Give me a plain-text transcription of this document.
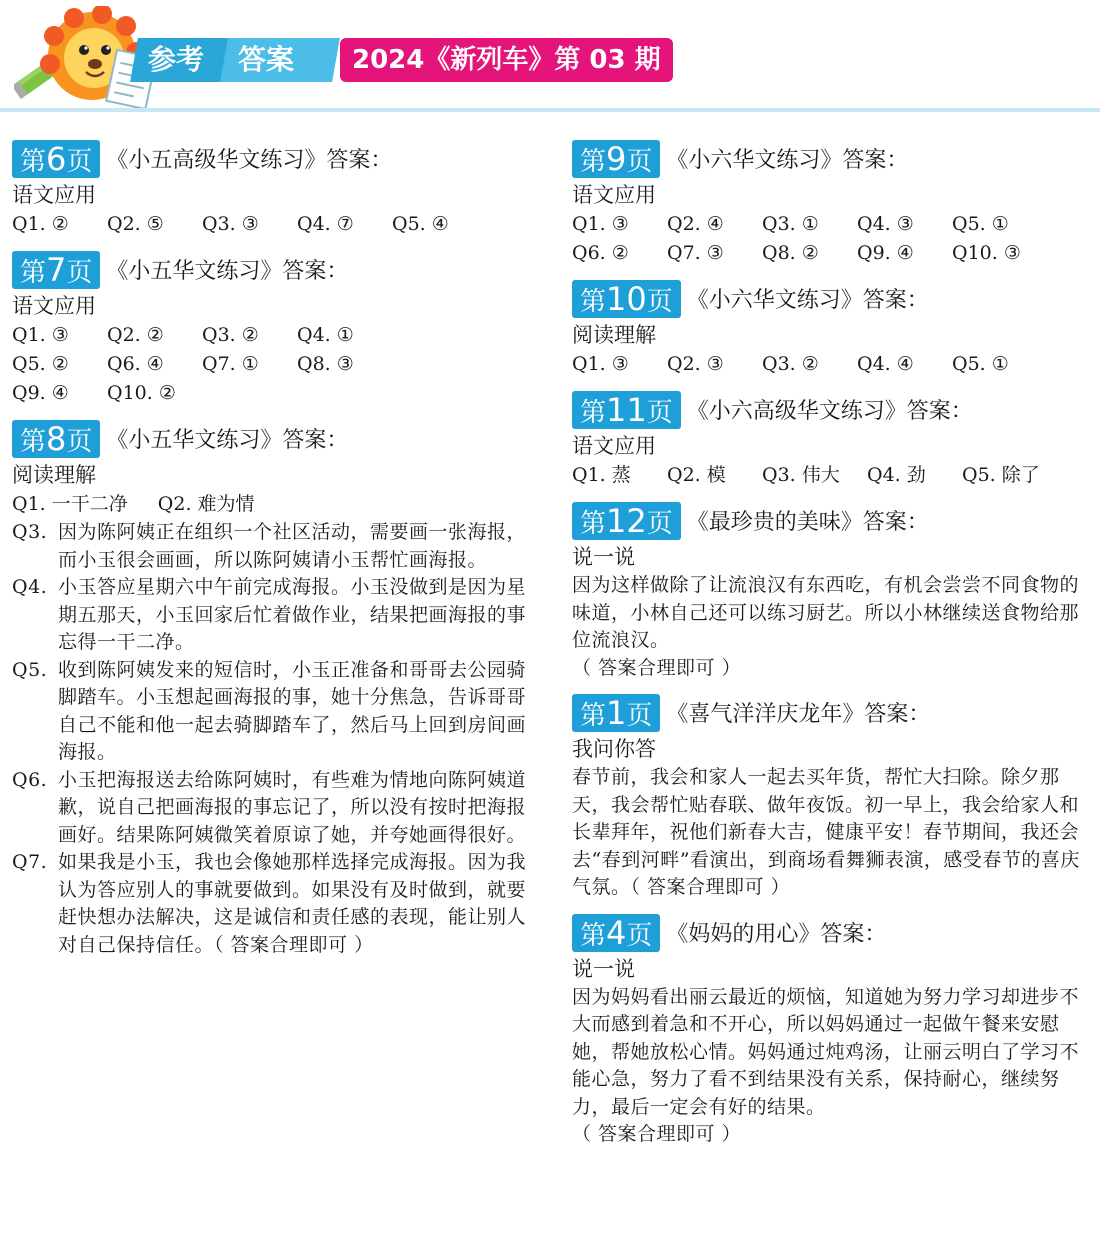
参考	答案	2024《新列车》第 03 期
第6页 《小五高级华文练习》答案：
语文应用
Q1. ②	Q2. ⑤	Q3. ③	Q4. ⑦	Q5. ④
第7页 《小五华文练习》答案：
语文应用
Q1. ③	Q2. ②	Q3. ②	Q4. ①
Q5. ②	Q6. ④	Q7. ①	Q8. ③
Q9. ④	Q10. ②
第8页 《小五华文练习》答案：
阅读理解
Q1. 一干二净 Q2. 难为情
Q3. 因为陈阿姨正在组织一个社区活动，需要画一张海报，而小玉很会画画，所以陈阿姨请小玉帮忙画海报。
Q4. 小玉答应星期六中午前完成海报。小玉没做到是因为星期五那天，小玉回家后忙着做作业，结果把画海报的事忘得一干二净。
Q5. 收到陈阿姨发来的短信时，小玉正准备和哥哥去公园骑脚踏车。小玉想起画海报的事，她十分焦急，告诉哥哥自己不能和他一起去骑脚踏车了，然后马上回到房间画海报。
Q6. 小玉把海报送去给陈阿姨时，有些难为情地向陈阿姨道歉，说自己把画海报的事忘记了，所以没有按时把海报画好。结果陈阿姨微笑着原谅了她，并夸她画得很好。
Q7. 如果我是小玉，我也会像她那样选择完成海报。因为我认为答应别人的事就要做到。如果没有及时做到，就要赶快想办法解决，这是诚信和责任感的表现，能让别人对自己保持信任。（ 答案合理即可 ）
第9页 《小六华文练习》答案：
语文应用
Q1. ③	Q2. ④	Q3. ①	Q4. ③	Q5. ①
Q6. ②	Q7. ③	Q8. ②	Q9. ④	Q10. ③
第10页 《小六华文练习》答案：
阅读理解
Q1. ③	Q2. ③	Q3. ②	Q4. ④	Q5. ①
第11页 《小六高级华文练习》答案：
语文应用
Q1. 蒸	Q2. 模	Q3. 伟大	Q4. 劲	Q5. 除了
第12页 《最珍贵的美味》答案：
说一说
因为这样做除了让流浪汉有东西吃，有机会尝尝不同食物的味道，小林自己还可以练习厨艺。所以小林继续送食物给那位流浪汉。
（ 答案合理即可 ）
第1页 《喜气洋洋庆龙年》答案：
我问你答
春节前，我会和家人一起去买年货，帮忙大扫除。除夕那天，我会帮忙贴春联、做年夜饭。初一早上，我会给家人和长辈拜年，祝他们新春大吉，健康平安！春节期间，我还会去“春到河畔”看演出，到商场看舞狮表演，感受春节的喜庆气氛。（ 答案合理即可 ）
第4页 《妈妈的用心》答案：
说一说
因为妈妈看出丽云最近的烦恼，知道她为努力学习却进步不大而感到着急和不开心，所以妈妈通过一起做午餐来安慰她，帮她放松心情。妈妈通过炖鸡汤，让丽云明白了学习不能心急，努力了看不到结果没有关系，保持耐心，继续努力，最后一定会有好的结果。
（ 答案合理即可 ）
